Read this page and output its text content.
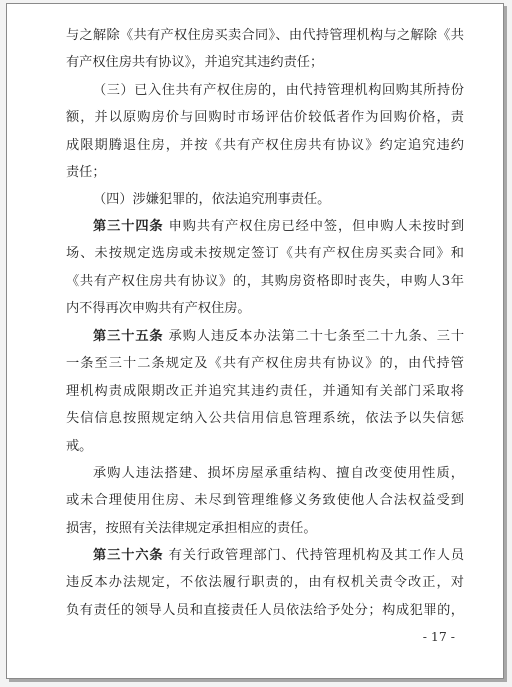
与之解除《共有产权住房买卖合同》、由代持管理机构与之解除《共
有产权住房共有协议》，并追究其违约责任；
（三）已入住共有产权住房的，由代持管理机构回购其所持份
额，并以原购房价与回购时市场评估价较低者作为回购价格，责
成限期腾退住房，并按《共有产权住房共有协议》约定追究违约
责任；
（四）涉嫌犯罪的，依法追究刑事责任。
第三十四条 申购共有产权住房已经中签，但申购人未按时到
场、未按规定选房或未按规定签订《共有产权住房买卖合同》和
《共有产权住房共有协议》的，其购房资格即时丧失，申购人3年
内不得再次申购共有产权住房。
第三十五条 承购人违反本办法第二十七条至二十九条、三十
一条至三十二条规定及《共有产权住房共有协议》的，由代持管
理机构责成限期改正并追究其违约责任，并通知有关部门采取将
失信信息按照规定纳入公共信用信息管理系统，依法予以失信惩
戒。
承购人违法搭建、损坏房屋承重结构、擅自改变使用性质，
或未合理使用住房、未尽到管理维修义务致使他人合法权益受到
损害，按照有关法律规定承担相应的责任。
第三十六条 有关行政管理部门、代持管理机构及其工作人员
违反本办法规定，不依法履行职责的，由有权机关责令改正，对
负有责任的领导人员和直接责任人员依法给予处分；构成犯罪的，
- 17 -
